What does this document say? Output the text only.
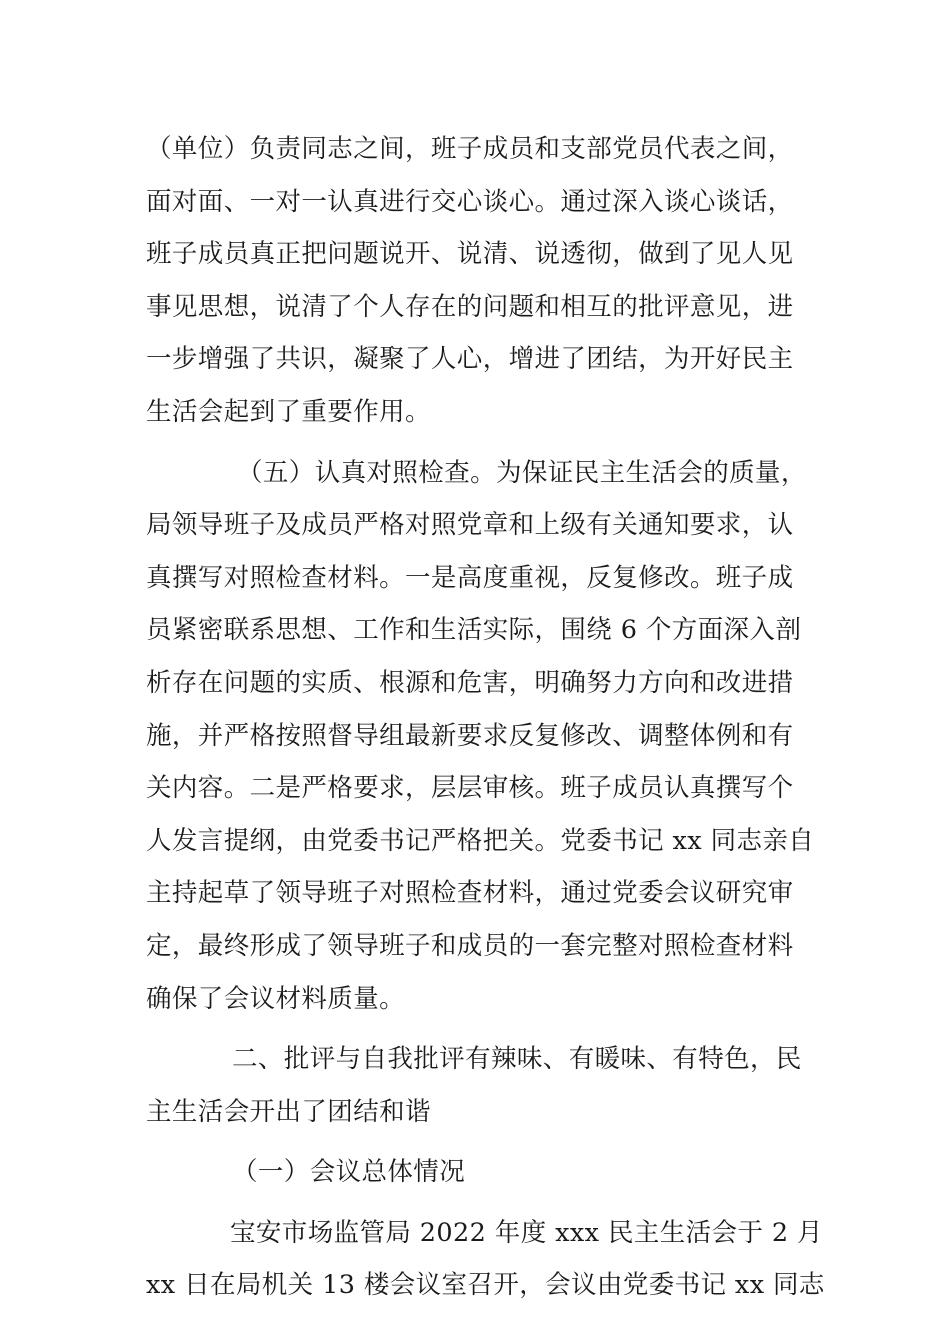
（单位）负责同志之间，班子成员和支部党员代表之间，
面对面、一对一认真进行交心谈心。通过深入谈心谈话，
班子成员真正把问题说开、说清、说透彻，做到了见人见
事见思想，说清了个人存在的问题和相互的批评意见，进
一步增强了共识，凝聚了人心，增进了团结，为开好民主
生活会起到了重要作用。
（五）认真对照检查。为保证民主生活会的质量，
局领导班子及成员严格对照党章和上级有关通知要求，认
真撰写对照检查材料。一是高度重视，反复修改。班子成
员紧密联系思想、工作和生活实际，围绕 6 个方面深入剖
析存在问题的实质、根源和危害，明确努力方向和改进措
施，并严格按照督导组最新要求反复修改、调整体例和有
关内容。二是严格要求，层层审核。班子成员认真撰写个
人发言提纲，由党委书记严格把关。党委书记 xx 同志亲自
主持起草了领导班子对照检查材料，通过党委会议研究审
定，最终形成了领导班子和成员的一套完整对照检查材料
确保了会议材料质量。
二、批评与自我批评有辣味、有暖味、有特色，民
主生活会开出了团结和谐
（一）会议总体情况
宝安市场监管局 2022 年度 xxx 民主生活会于 2 月
xx 日在局机关 13 楼会议室召开，会议由党委书记 xx 同志
